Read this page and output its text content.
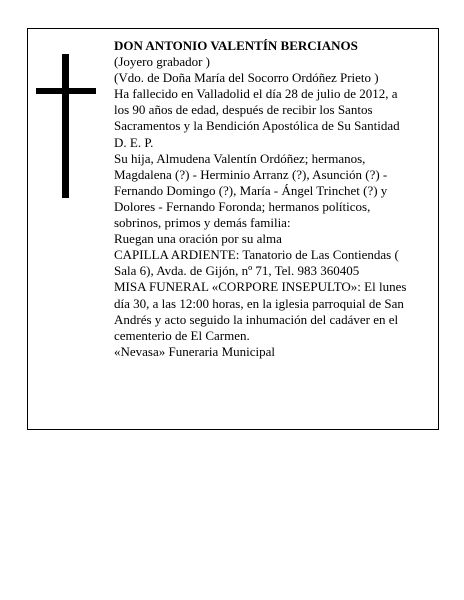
DON ANTONIO VALENTÍN BERCIANOS
(Joyero grabador )
(Vdo. de Doña María del Socorro Ordóñez Prieto )
Ha fallecido en Valladolid el día 28 de julio de 2012, a
los 90 años de edad, después de recibir los Santos
Sacramentos y la Bendición Apostólica de Su Santidad
D. E. P.
Su hija, Almudena Valentín Ordóñez; hermanos,
Magdalena (?) - Herminio Arranz (?), Asunción (?) -
Fernando Domingo (?), María - Ángel Trinchet (?) y
Dolores - Fernando Foronda; hermanos políticos,
sobrinos, primos y demás familia:
Ruegan una oración por su alma
CAPILLA ARDIENTE: Tanatorio de Las Contiendas (
Sala 6), Avda. de Gijón, nº 71, Tel. 983 360405
MISA FUNERAL «CORPORE INSEPULTO»: El lunes
día 30, a las 12:00 horas, en la iglesia parroquial de San
Andrés y acto seguido la inhumación del cadáver en el
cementerio de El Carmen.
«Nevasa» Funeraria Municipal
